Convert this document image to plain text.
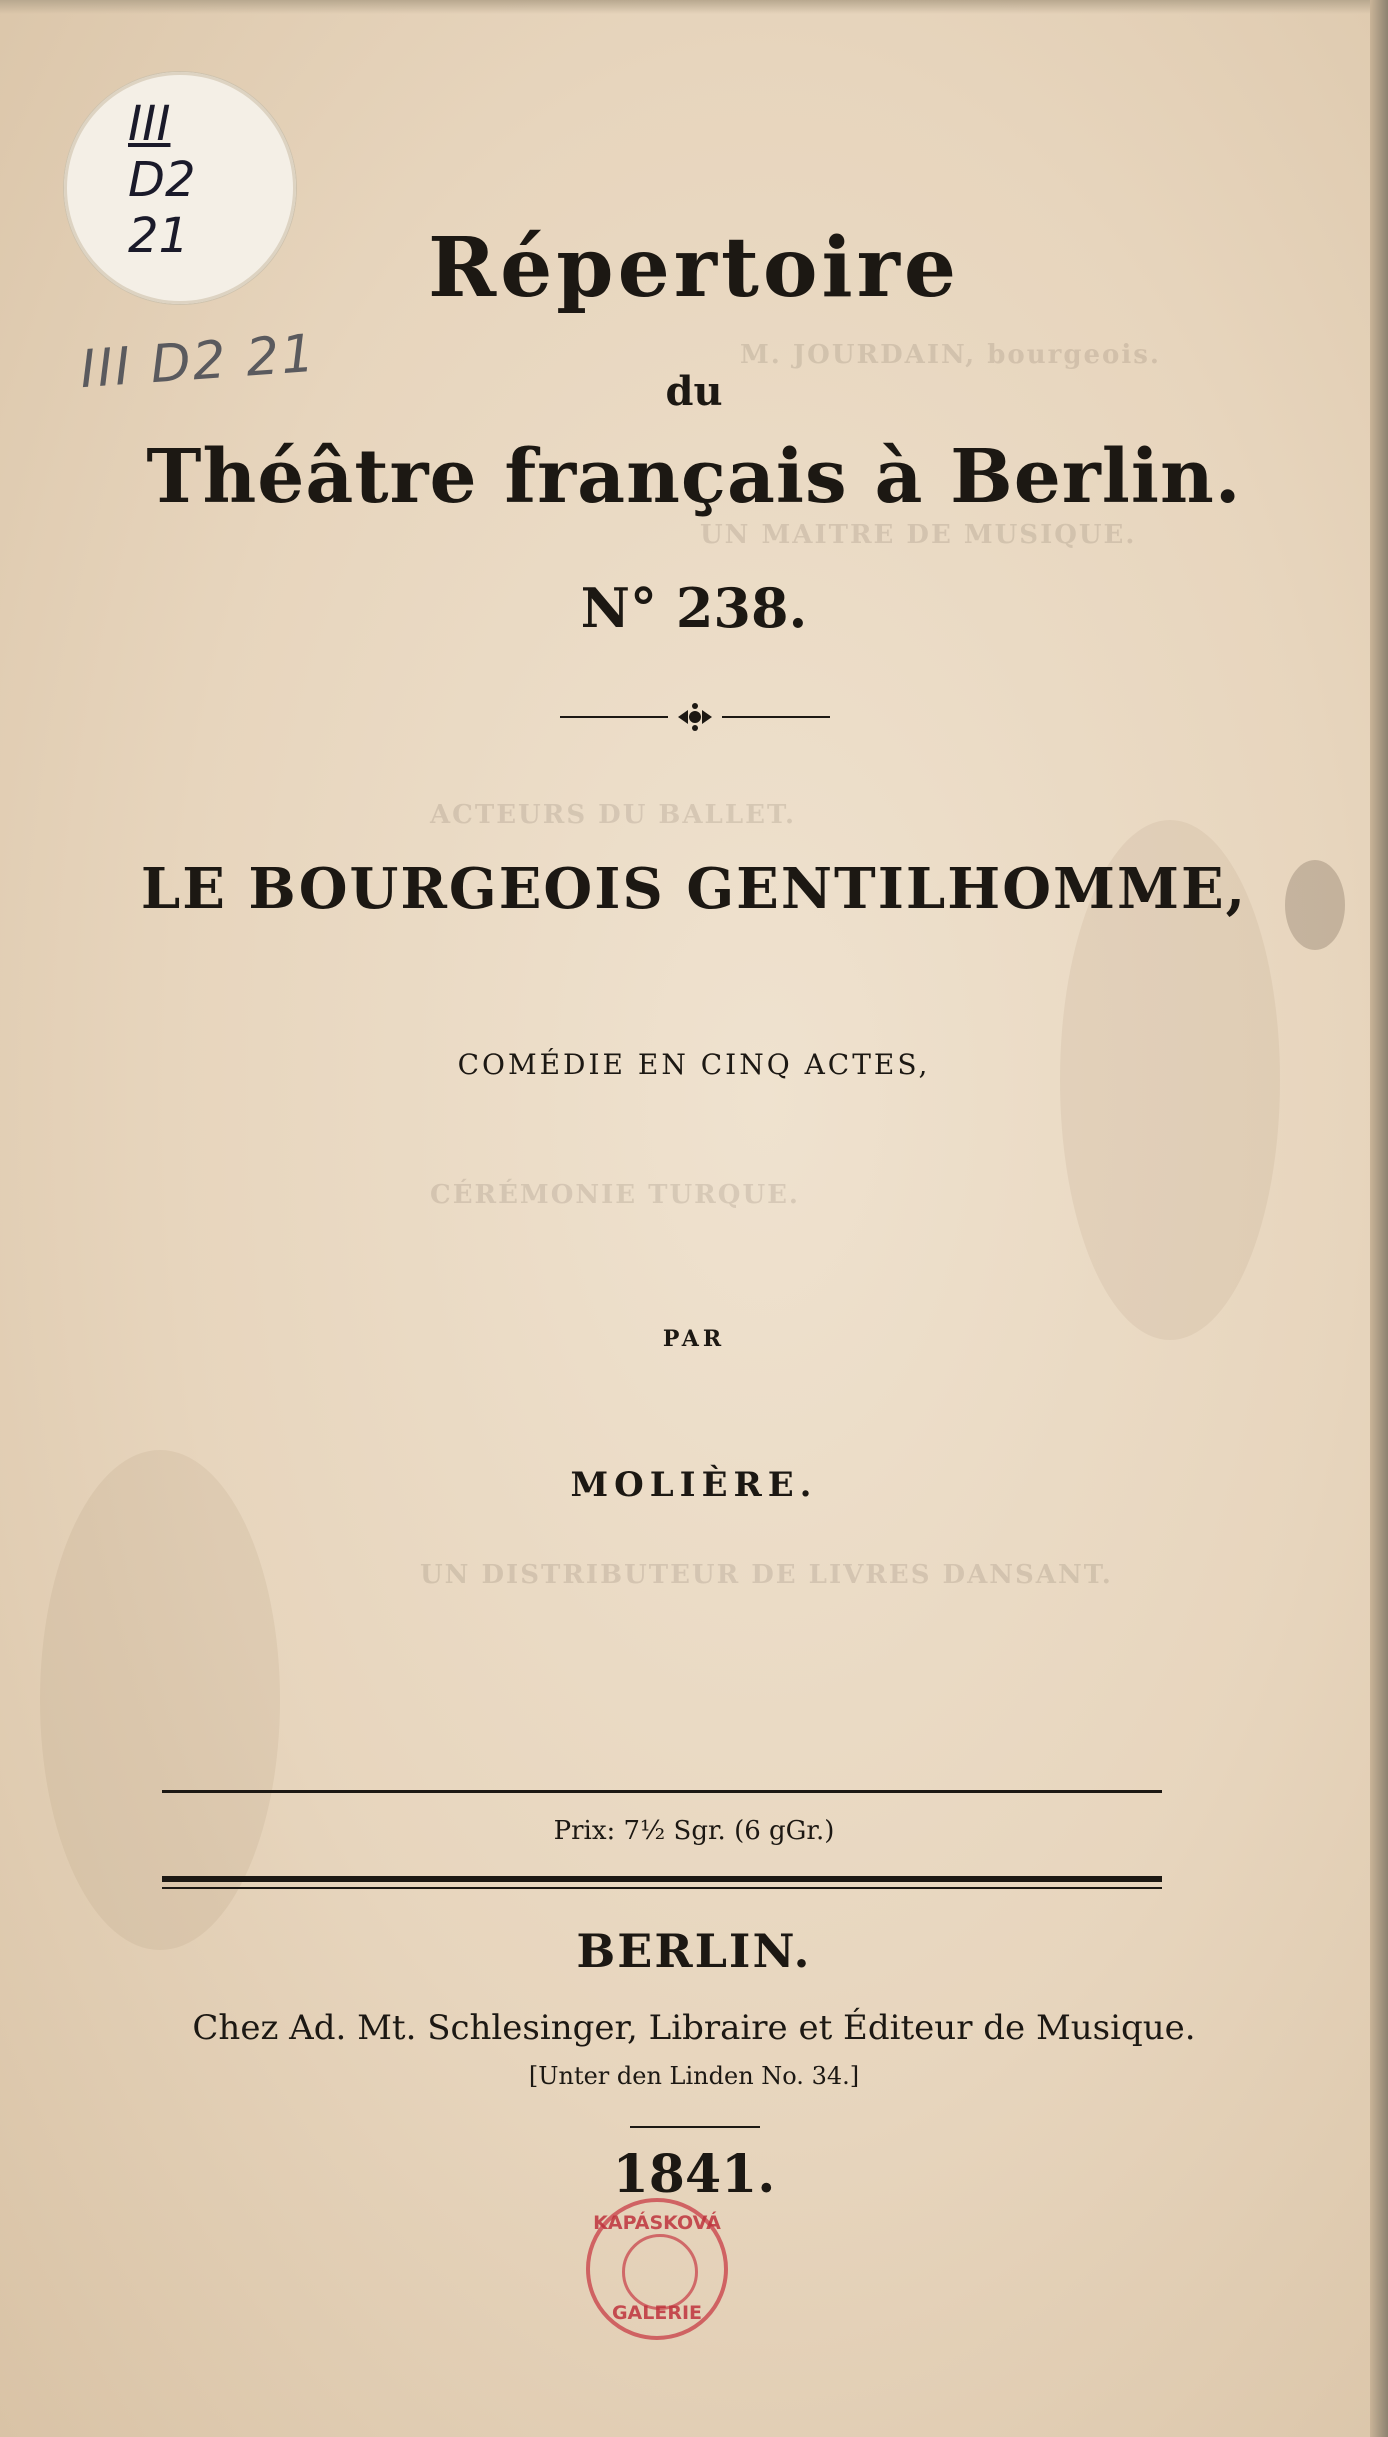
M. JOURDAIN, bourgeois.
UN MAITRE DE MUSIQUE.
ACTEURS DU BALLET.
CÉRÉMONIE TURQUE.
UN DISTRIBUTEUR DE LIVRES DANSANT.
III
D2
21
III D2 21
Répertoire
du
Théâtre français à Berlin.
N° 238.
LE BOURGEOIS GENTILHOMME,
COMÉDIE EN CINQ ACTES,
PAR
MOLIÈRE.
Prix: 7½ Sgr. (6 gGr.)
BERLIN.
Chez Ad. Mt. Schlesinger, Libraire et Éditeur de Musique.
[Unter den Linden No. 34.]
1841.
KAPÁSKOVÁ
GALERIE
